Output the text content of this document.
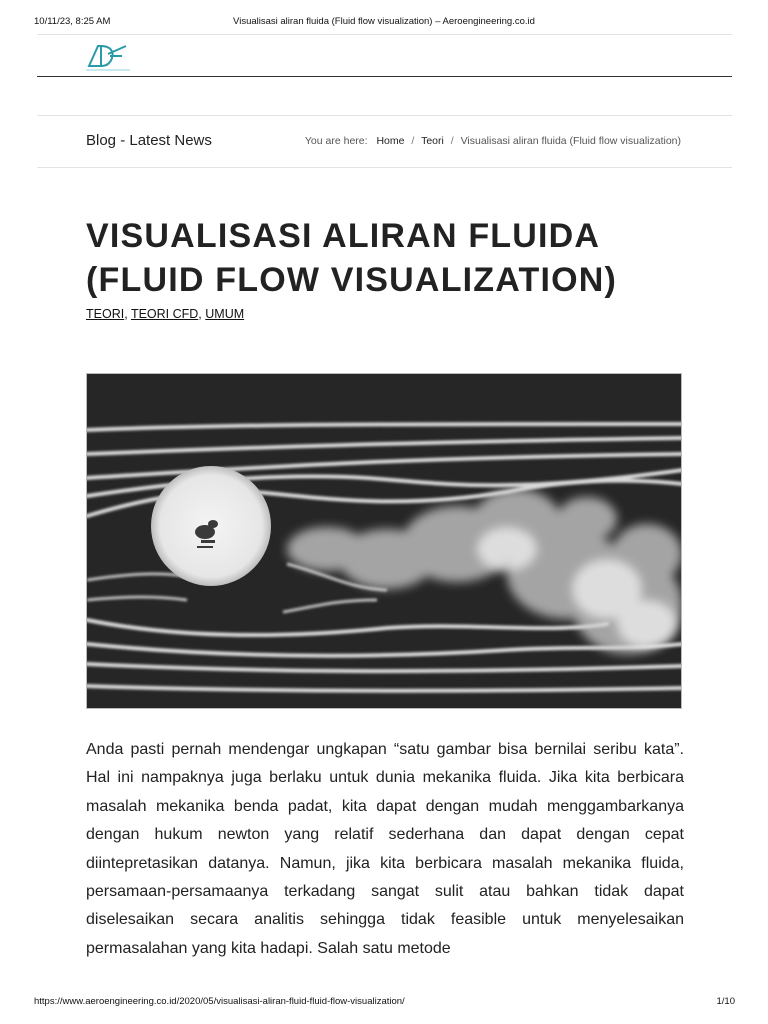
10/11/23, 8:25 AM	Visualisasi aliran fluida (Fluid flow visualization) – Aeroengineering.co.id
Blog - Latest News	You are here: Home / Teori / Visualisasi aliran fluida (Fluid flow visualization)
VISUALISASI ALIRAN FLUIDA (FLUID FLOW VISUALIZATION)
TEORI, TEORI CFD, UMUM

Anda pasti pernah mendengar ungkapan “satu gambar bisa bernilai seribu kata”. Hal ini nampaknya juga berlaku untuk dunia mekanika fluida. Jika kita berbicara masalah mekanika benda padat, kita dapat dengan mudah menggambarkanya dengan hukum newton yang relatif sederhana dan dapat dengan cepat diintepretasikan datanya. Namun, jika kita berbicara masalah mekanika fluida, persamaan-persamaanya terkadang sangat sulit atau bahkan tidak dapat diselesaikan secara analitis sehingga tidak feasible untuk menyelesaikan permasalahan yang kita hadapi. Salah satu metode

https://www.aeroengineering.co.id/2020/05/visualisasi-aliran-fluid-fluid-flow-visualization/	1/10
